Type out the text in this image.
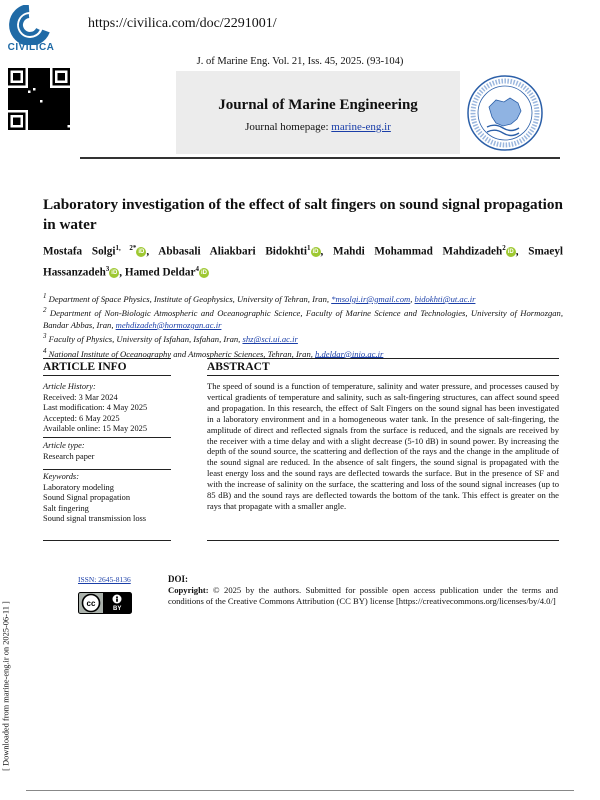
CIVILICA
https://civilica.com/doc/2291001/
J. of Marine Eng. Vol. 21, Iss. 45, 2025. (93-104)
Journal of Marine Engineering
Journal homepage: marine-eng.ir
Laboratory investigation of the effect of salt fingers on sound signal propagation in water
Mostafa Solgi$^{1, 2*}$iD , Abbasali Aliakbari Bidokhti$^1$iD , Mahdi Mohammad Mahdizadeh$^2$iD , Smaeyl Hassanzadeh$^3$iD , Hamed Deldar$^4$iD
$^1$ Department of Space Physics, Institute of Geophysics, University of Tehran, Iran, *msolgi.ir@gmail.com, bidokhti@ut.ac.ir
$^2$ Department of Non-Biologic Atmospheric and Oceanographic Science, Faculty of Marine Science and Technologies, University of Hormozgan, Bandar Abbas, Iran, mehdizadeh@hormozgan.ac.ir
$^3$ Faculty of Physics, University of Isfahan, Isfahan, Iran, shz@sci.ui.ac.ir
$^4$ National Institute of Oceanography and Atmospheric Sciences, Tehran, Iran, h.deldar@inio.ac.ir
ARTICLE INFO
Article History:
Received: 3 Mar 2024
Last modification: 4 May 2025
Accepted: 6 May 2025
Available online: 15 May 2025
Article type:
Research paper
Keywords:
Laboratory modeling
Sound Signal propagation
Salt fingering
Sound signal transmission loss
ABSTRACT
The speed of sound is a function of temperature, salinity and water pressure, and processes caused by vertical gradients of temperature and salinity, such as salt-fingering structures, can affect sound speed and propagation. In this research, the effect of Salt Fingers on the sound signal has been investigated in a laboratory environment and in a homogeneous water tank. In the presence of salt-fingering, the amplitude of direct and reflected signals from the surface is reduced, and the signals are received by the receiver with a time delay and with a slight decrease (5-10 dB) in sound power. By increasing the depth of the sound source, the scattering and deflection of the rays and the change in the amplitude of the sound signal are reduced. In the absence of salt fingers, the sound signal is propagated with the least energy loss and the sound rays are deflected towards the surface. But in the presence of SF and with the increase of salinity on the surface, the scattering and loss of the sound signal increases (up to 85 dB) and the sound rays are deflected towards the bottom of the tank. This effect is greater on the rays that propagate with a smaller angle.
ISSN: 2645-8136
cc
BY
DOI:
Copyright: © 2025 by the authors. Submitted for possible open access publication under the terms and conditions of the Creative Commons Attribution (CC BY) license [https://creativecommons.org/licenses/by/4.0/]
[ Downloaded from marine-eng.ir on 2025-06-11 ]
